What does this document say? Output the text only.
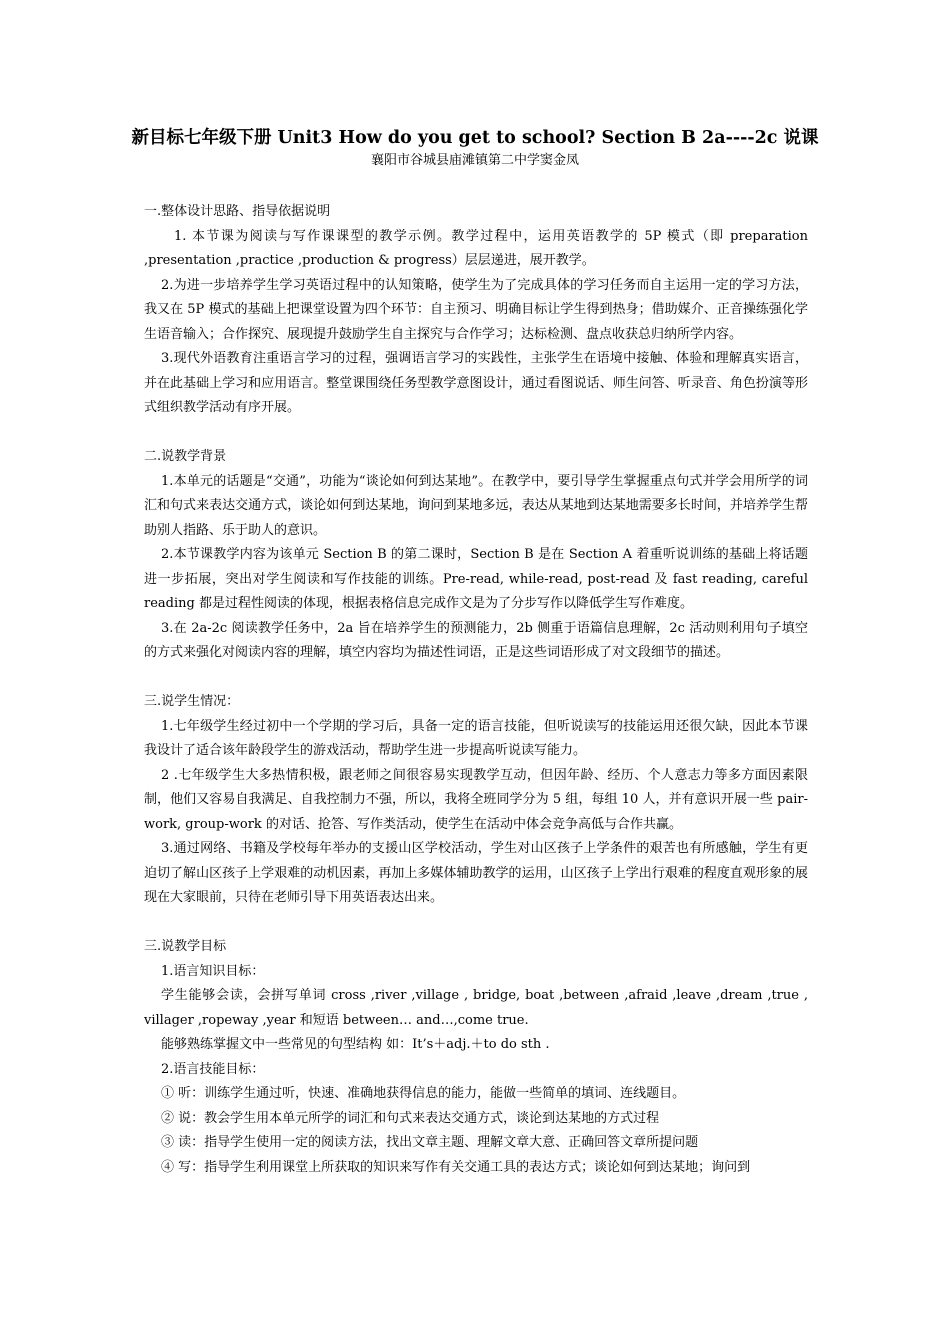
新目标七年级下册 Unit3 How do you get to school? Section B 2a----2c 说课
襄阳市谷城县庙滩镇第二中学窦金凤

一.整体设计思路、指导依据说明

1. 本节课为阅读与写作课课型的教学示例。教学过程中，运用英语教学的 5P 模式（即 preparation ,presentation ,practice ,production & progress）层层递进，展开教学。

2.为进一步培养学生学习英语过程中的认知策略，使学生为了完成具体的学习任务而自主运用一定的学习方法，我又在 5P 模式的基础上把课堂设置为四个环节：自主预习、明确目标让学生得到热身；借助媒介、正音操练强化学生语音输入；合作探究、展现提升鼓励学生自主探究与合作学习；达标检测、盘点收获总归纳所学内容。

3.现代外语教育注重语言学习的过程，强调语言学习的实践性，主张学生在语境中接触、体验和理解真实语言，并在此基础上学习和应用语言。整堂课围绕任务型教学意图设计，通过看图说话、师生问答、听录音、角色扮演等形式组织教学活动有序开展。

二.说教学背景

1.本单元的话题是“交通”，功能为“谈论如何到达某地”。在教学中，要引导学生掌握重点句式并学会用所学的词汇和句式来表达交通方式，谈论如何到达某地，询问到某地多远，表达从某地到达某地需要多长时间，并培养学生帮助别人指路、乐于助人的意识。

2.本节课教学内容为该单元 Section B 的第二课时，Section B 是在 Section A 着重听说训练的基础上将话题进一步拓展，突出对学生阅读和写作技能的训练。Pre-read, while-read, post-read 及 fast reading, careful reading 都是过程性阅读的体现，根据表格信息完成作文是为了分步写作以降低学生写作难度。

3.在 2a-2c 阅读教学任务中，2a 旨在培养学生的预测能力，2b 侧重于语篇信息理解，2c 活动则利用句子填空的方式来强化对阅读内容的理解，填空内容均为描述性词语，正是这些词语形成了对文段细节的描述。

三.说学生情况：

1.七年级学生经过初中一个学期的学习后，具备一定的语言技能，但听说读写的技能运用还很欠缺，因此本节课我设计了适合该年龄段学生的游戏活动，帮助学生进一步提高听说读写能力。

2 .七年级学生大多热情积极，跟老师之间很容易实现教学互动，但因年龄、经历、个人意志力等多方面因素限制，他们又容易自我满足、自我控制力不强，所以，我将全班同学分为 5 组，每组 10 人，并有意识开展一些 pair-work, group-work 的对话、抢答、写作类活动，使学生在活动中体会竞争高低与合作共赢。

3.通过网络、书籍及学校每年举办的支援山区学校活动，学生对山区孩子上学条件的艰苦也有所感触，学生有更迫切了解山区孩子上学艰难的动机因素，再加上多媒体辅助教学的运用，山区孩子上学出行艰难的程度直观形象的展现在大家眼前，只待在老师引导下用英语表达出来。

三.说教学目标

1.语言知识目标：

学生能够会读，会拼写单词 cross ,river ,village , bridge, boat ,between ,afraid ,leave ,dream ,true , villager ,ropeway ,year 和短语 between… and…,come true.

能够熟练掌握文中一些常见的句型结构 如：It’s＋adj.＋to do sth .

2.语言技能目标：

① 听：训练学生通过听，快速、准确地获得信息的能力，能做一些简单的填词、连线题目。

② 说：教会学生用本单元所学的词汇和句式来表达交通方式，谈论到达某地的方式过程

③ 读：指导学生使用一定的阅读方法，找出文章主题、理解文章大意、正确回答文章所提问题

④ 写：指导学生利用课堂上所获取的知识来写作有关交通工具的表达方式；谈论如何到达某地；询问到
